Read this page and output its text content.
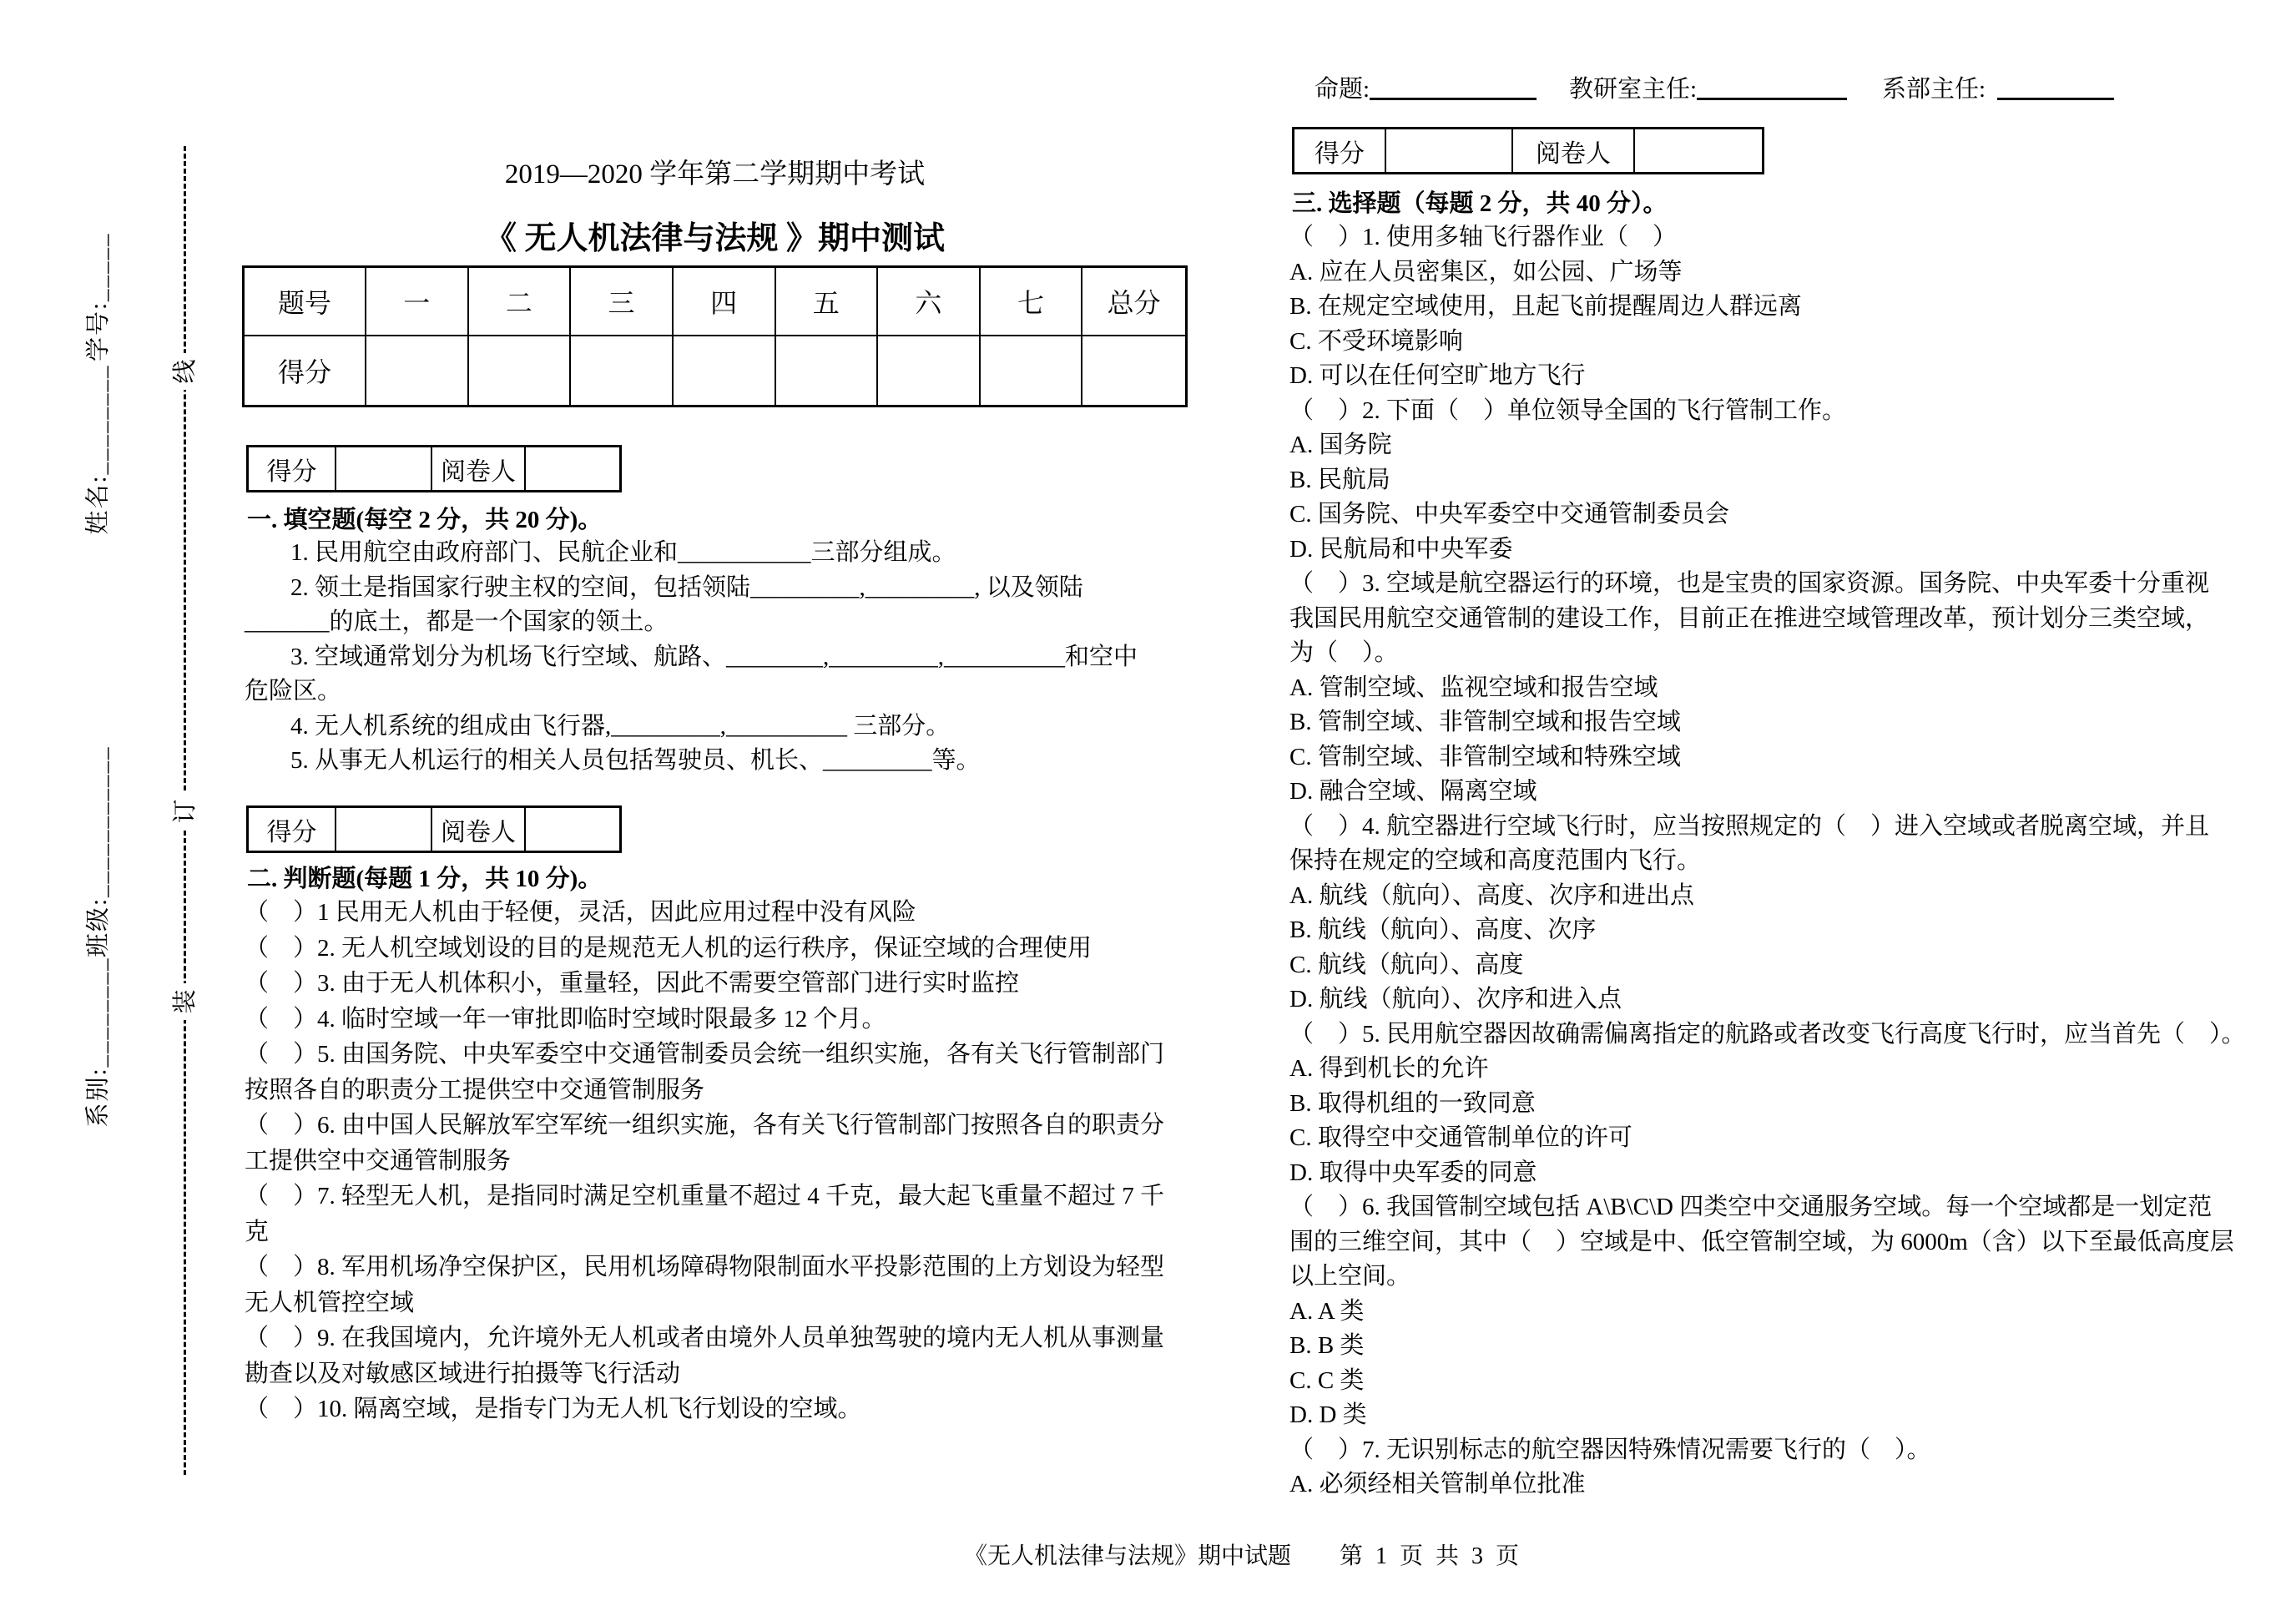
线
订
装
学号:_____
姓名:________
班级:___________
系别:________
命题:	教研室主任:	系部主任:
2019—2020 学年第二学期期中考试
《 无人机法律与法规 》期中测试
题号	一	二	三	四	五	六	七	总分
得分
得分	阅卷人
一. 填空题(每空 2 分，共 20 分)。
1. 民用航空由政府部门、民航企业和___________三部分组成。
2. 领土是指国家行驶主权的空间，包括领陆_________,_________, 以及领陆
_______的底土，都是一个国家的领土。
3. 空域通常划分为机场飞行空域、航路、________,_________,__________和空中
危险区。
4. 无人机系统的组成由飞行器,_________,__________ 三部分。
5. 从事无人机运行的相关人员包括驾驶员、机长、_________等。
得分	阅卷人
二. 判断题(每题 1 分，共 10 分)。
（　）1 民用无人机由于轻便，灵活，因此应用过程中没有风险
（　）2. 无人机空域划设的目的是规范无人机的运行秩序，保证空域的合理使用
（　）3. 由于无人机体积小，重量轻，因此不需要空管部门进行实时监控
（　）4. 临时空域一年一审批即临时空域时限最多 12 个月。
（　）5. 由国务院、中央军委空中交通管制委员会统一组织实施，各有关飞行管制部门
按照各自的职责分工提供空中交通管制服务
（　）6. 由中国人民解放军空军统一组织实施，各有关飞行管制部门按照各自的职责分
工提供空中交通管制服务
（　）7. 轻型无人机，是指同时满足空机重量不超过 4 千克，最大起飞重量不超过 7 千
克
（　）8. 军用机场净空保护区，民用机场障碍物限制面水平投影范围的上方划设为轻型
无人机管控空域
（　）9. 在我国境内，允许境外无人机或者由境外人员单独驾驶的境内无人机从事测量
勘查以及对敏感区域进行拍摄等飞行活动
（　）10. 隔离空域，是指专门为无人机飞行划设的空域。
得分	阅卷人
三. 选择题（每题 2 分，共 40 分）。
（　）1. 使用多轴飞行器作业（　）
A. 应在人员密集区，如公园、广场等
B. 在规定空域使用，且起飞前提醒周边人群远离
C. 不受环境影响
D. 可以在任何空旷地方飞行
（　）2. 下面（　）单位领导全国的飞行管制工作。
A. 国务院
B. 民航局
C. 国务院、中央军委空中交通管制委员会
D. 民航局和中央军委
（　）3. 空域是航空器运行的环境，也是宝贵的国家资源。国务院、中央军委十分重视
我国民用航空交通管制的建设工作，目前正在推进空域管理改革，预计划分三类空域，
为（　）。
A. 管制空域、监视空域和报告空域
B. 管制空域、非管制空域和报告空域
C. 管制空域、非管制空域和特殊空域
D. 融合空域、隔离空域
（　）4. 航空器进行空域飞行时，应当按照规定的（　）进入空域或者脱离空域，并且
保持在规定的空域和高度范围内飞行。
A. 航线（航向）、高度、次序和进出点
B. 航线（航向）、高度、次序
C. 航线（航向）、高度
D. 航线（航向）、次序和进入点
（　）5. 民用航空器因故确需偏离指定的航路或者改变飞行高度飞行时，应当首先（　）。
A. 得到机长的允许
B. 取得机组的一致同意
C. 取得空中交通管制单位的许可
D. 取得中央军委的同意
（　）6. 我国管制空域包括 A\B\C\D 四类空中交通服务空域。每一个空域都是一划定范
围的三维空间，其中（　）空域是中、低空管制空域，为 6000m（含）以下至最低高度层
以上空间。
A. A 类
B. B 类
C. C 类
D. D 类
（　）7. 无识别标志的航空器因特殊情况需要飞行的（　）。
A. 必须经相关管制单位批准
《无人机法律与法规》期中试题 第 1 页 共 3 页
